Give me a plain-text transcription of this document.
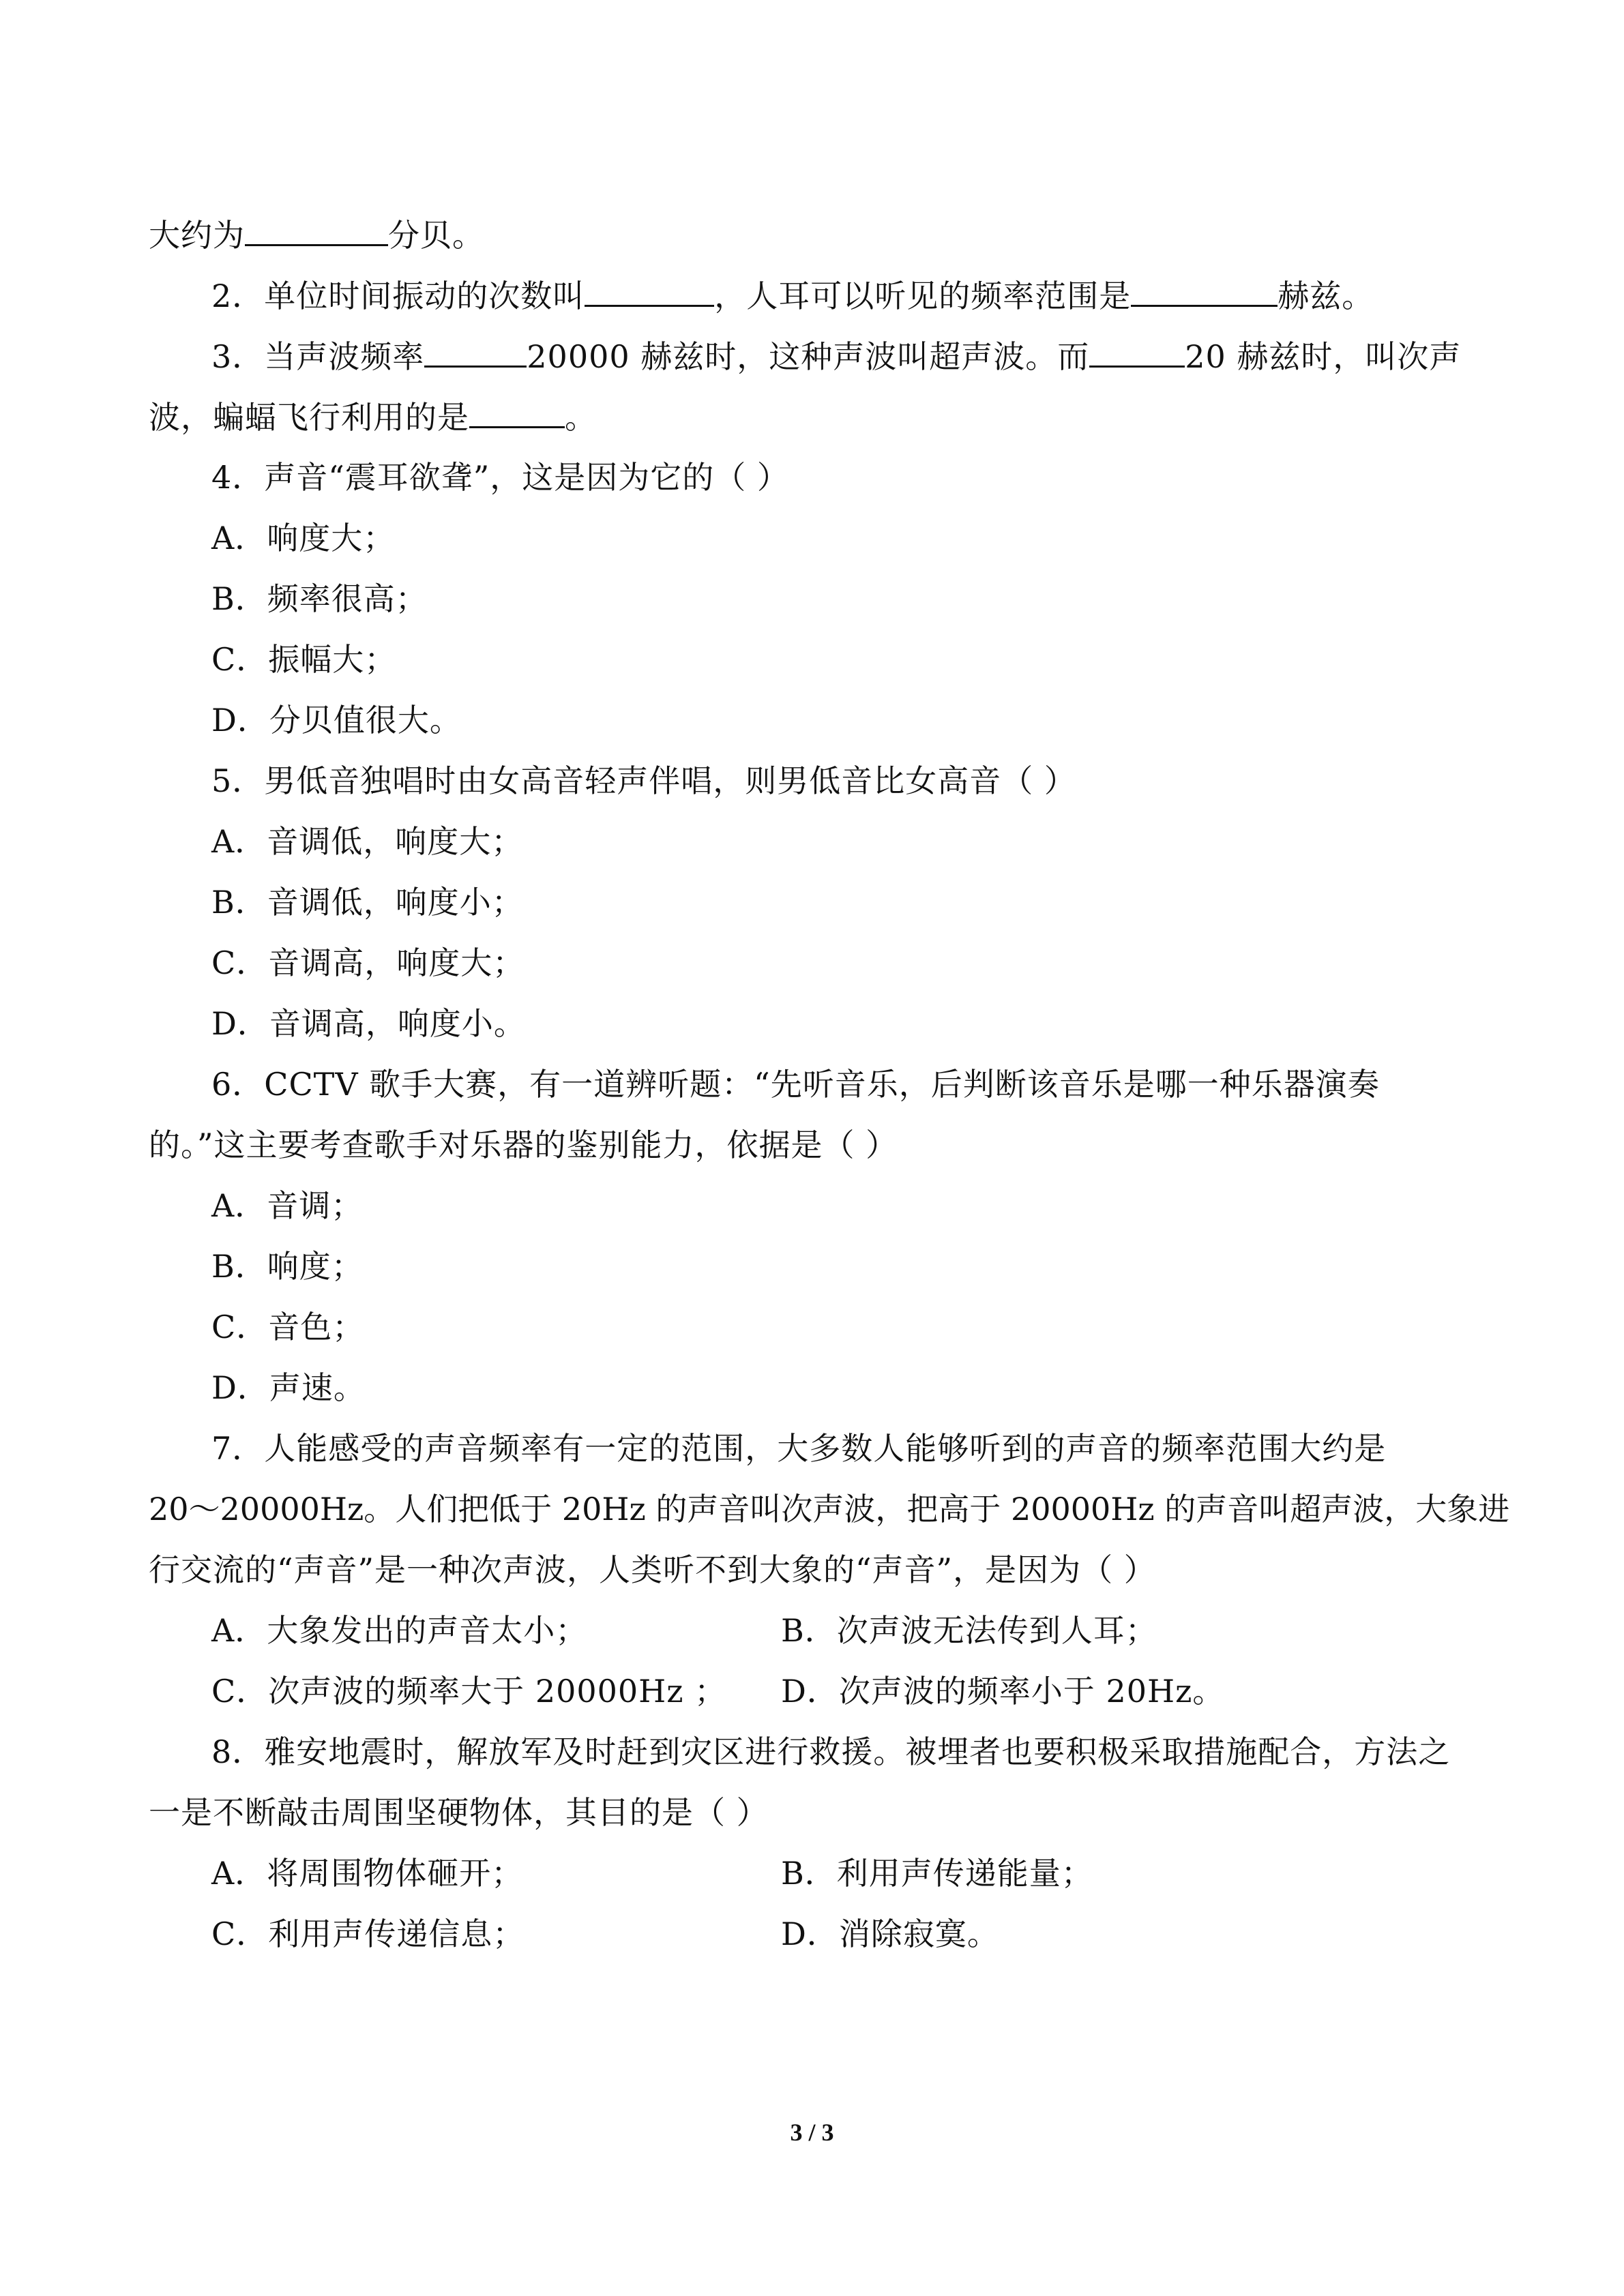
大约为	分贝。
2．单位时间振动的次数叫	，人耳可以听见的频率范围是	赫兹。
3．当声波频率	20000 赫兹时，这种声波叫超声波。而	20 赫兹时，叫次声
波，蝙蝠飞行利用的是	。
4．声音“震耳欲聋”，这是因为它的（ ）
A．响度大；
B．频率很高；
C．振幅大；
D．分贝值很大。
5．男低音独唱时由女高音轻声伴唱，则男低音比女高音（ ）
A．音调低，响度大；
B．音调低，响度小；
C．音调高，响度大；
D．音调高，响度小。
6．CCTV 歌手大赛，有一道辨听题：“先听音乐，后判断该音乐是哪一种乐器演奏
的。”这主要考查歌手对乐器的鉴别能力，依据是（ ）
A．音调；
B．响度；
C．音色；
D．声速。
7．人能感受的声音频率有一定的范围，大多数人能够听到的声音的频率范围大约是
20～20000Hz。人们把低于 20Hz 的声音叫次声波，把高于 20000Hz 的声音叫超声波，大象进
行交流的“声音”是一种次声波，人类听不到大象的“声音”，是因为（ ）
A．大象发出的声音太小；	B．次声波无法传到人耳；
C．次声波的频率大于 20000Hz ； D．次声波的频率小于 20Hz。
8．雅安地震时，解放军及时赶到灾区进行救援。被埋者也要积极采取措施配合，方法之
一是不断敲击周围坚硬物体，其目的是（ ）
A．将周围物体砸开；	B．利用声传递能量；
C．利用声传递信息；	D．消除寂寞。
3 / 3
